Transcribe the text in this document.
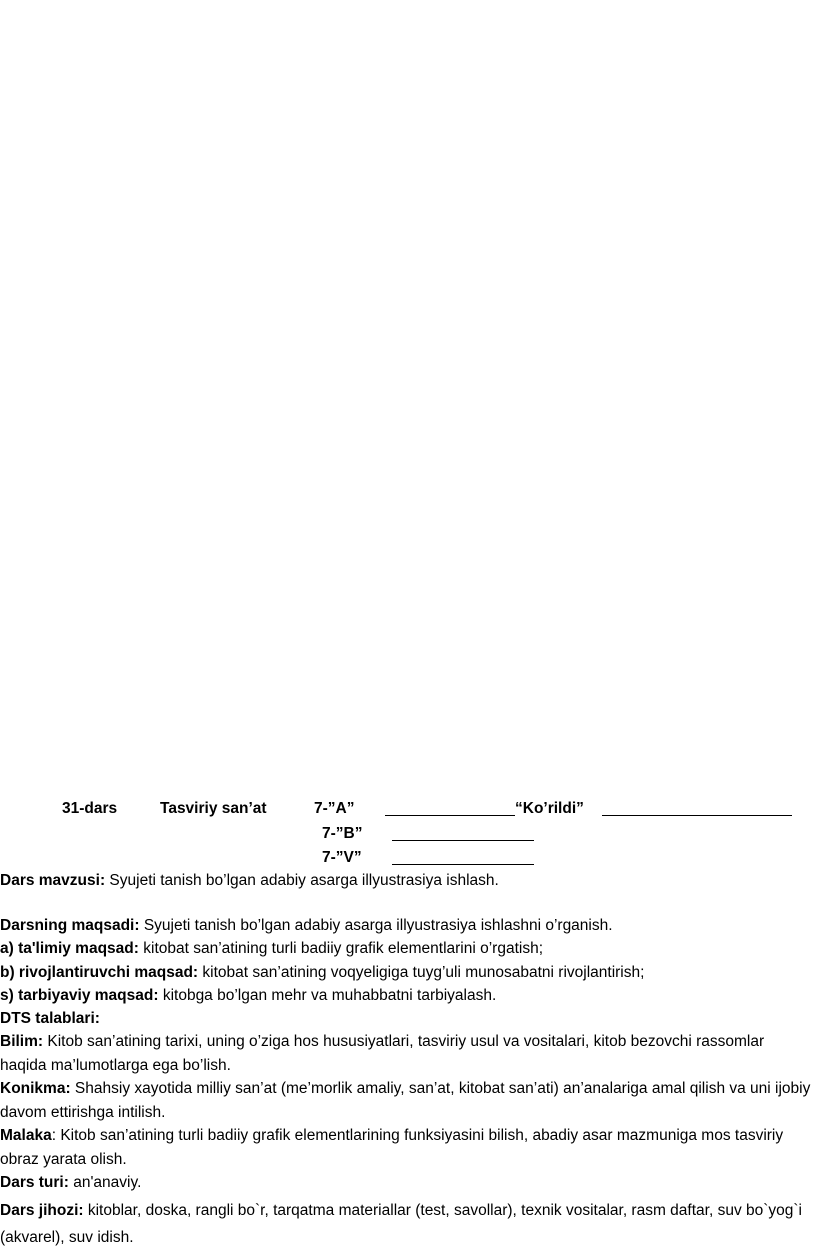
31-dars	Tasviriy san’at	7-”A”	“Ko’rildi”
7-”B”
7-”V”
Dars mavzusi: Syujeti tanish bo’lgan adabiy asarga illyustrasiya ishlash.
Darsning maqsadi: Syujeti tanish bo’lgan adabiy asarga illyustrasiya ishlashni o’rganish.
a) ta'limiy maqsad: kitobat san’atining turli badiiy grafik elementlarini o’rgatish;
b) rivojlantiruvchi maqsad: kitobat san’atining voqyeligiga tuyg’uli munosabatni rivojlantirish;
s) tarbiyaviy maqsad: kitobga bo’lgan mehr va muhabbatni tarbiyalash.
DTS talablari:
Bilim: Kitob san’atining tarixi, uning o’ziga hos hususiyatlari, tasviriy usul va vositalari, kitob bezovchi rassomlar haqida ma’lumotlarga ega bo’lish.
Konikma: Shahsiy xayotida milliy san’at (me’morlik amaliy, san’at, kitobat san’ati) an’analariga amal qilish va uni ijobiy davom ettirishga intilish.
Malaka: Kitob san’atining turli badiiy grafik elementlarining funksiyasini bilish, abadiy asar mazmuniga mos tasviriy obraz yarata olish.
Dars turi: an'anaviy.
Dars jihozi: kitoblar, doska, rangli bo`r, tarqatma materiallar (test, savollar), texnik vositalar, rasm daftar, suv bo`yog`i (akvarel), suv idish.
